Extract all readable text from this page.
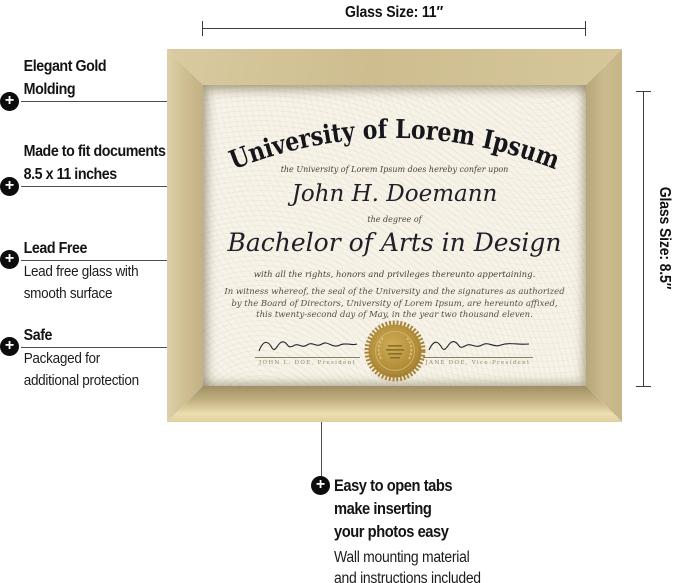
Glass Size: 11″
Glass Size: 8.5″
+
Elegant Gold
Molding
+
Made to fit documents
8.5 x 11 inches
+
Lead Free
Lead free glass with
smooth surface
+
Safe
Packaged for
additional protection
+ Easy to open tabs
make inserting
your photos easy
Wall mounting material
and instructions included
University of Lorem Ipsum
the University of Lorem Ipsum does hereby confer upon
John H. Doemann
the degree of
Bachelor of Arts in Design
with all the rights, honors and privileges thereunto appertaining.
In witness whereof, the seal of the University and the signatures as authorized
by the Board of Directors, University of Lorem Ipsum, are hereunto affixed,
this twenty-second day of May, in the year two thousand eleven.
JOHN L. DOE, President	JANE DOE, Vice-President
